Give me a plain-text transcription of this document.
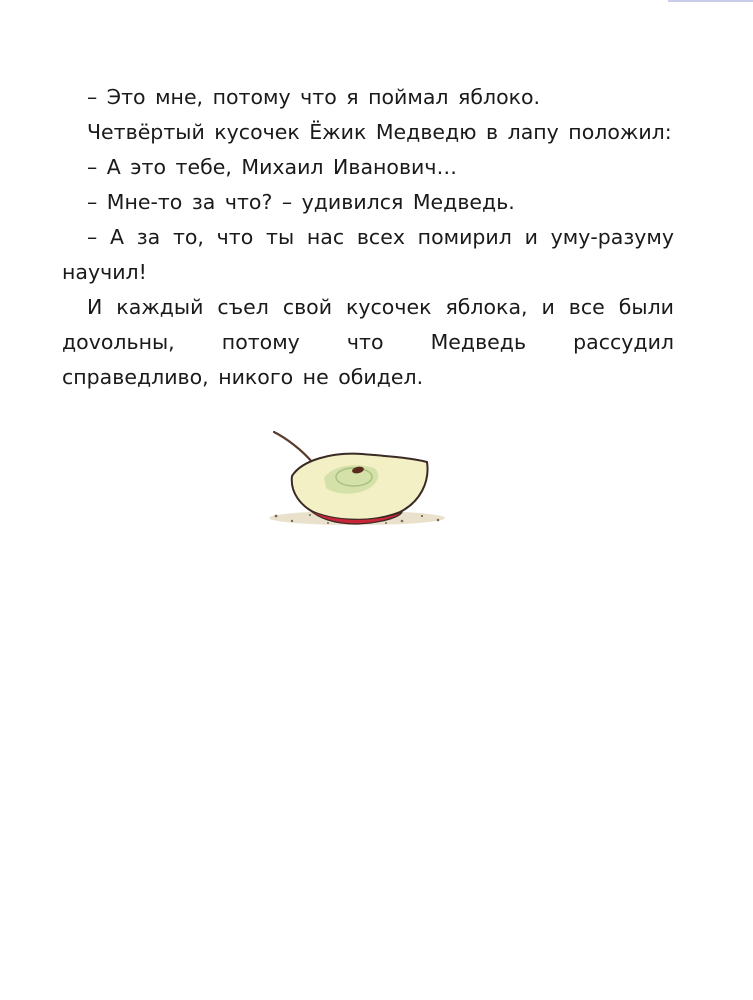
– Это мне, потому что я поймал яблоко.

Четвёртый кусочек Ёжик Медведю в лапу положил:

– А это тебе, Михаил Иванович…

– Мне-то за что? – удивился Медведь.

– А за то, что ты нас всех помирил и уму-разуму научил!

И каждый съел свой кусочек яблока, и все были доvольны, потому что Медведь рассудил справедливо, никого не обидел.
